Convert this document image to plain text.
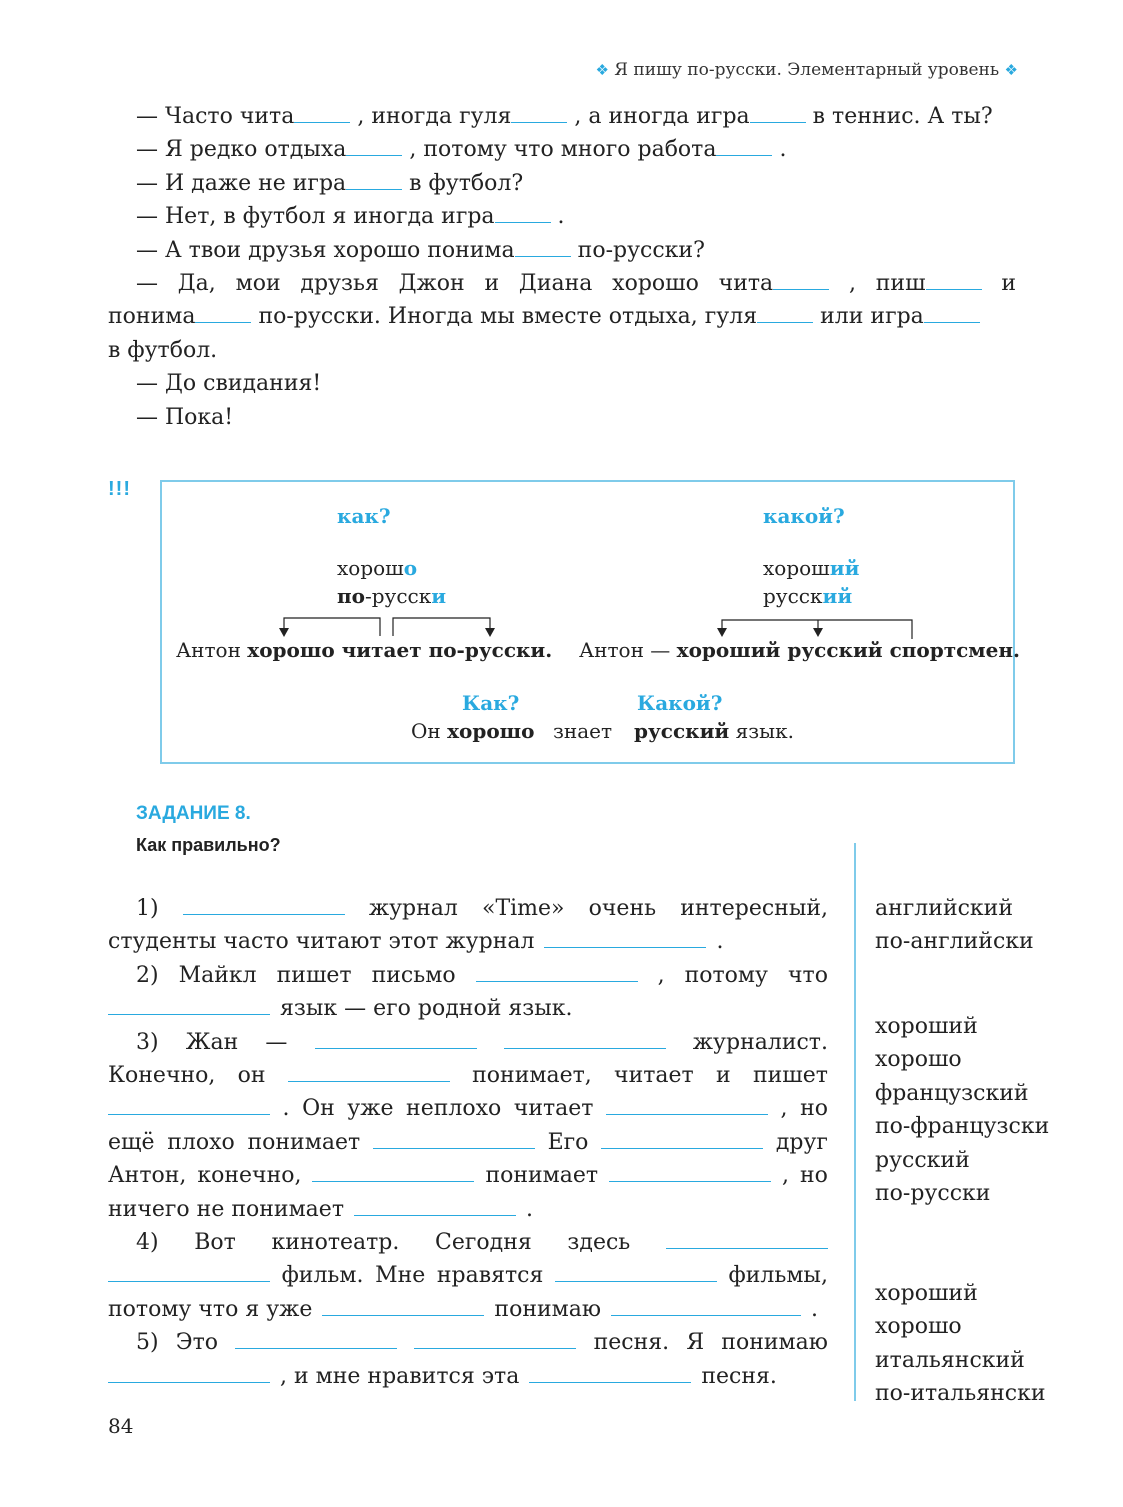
❖ Я пишу по-русски. Элементарный уровень ❖

— Часто чита	, иногда гуля	, а иногда игра	в теннис. А ты?

— Я редко отдыха	, потому что много работа	.

— И даже не игра	в футбол?

— Нет, в футбол я иногда игра	.

— А твои друзья хорошо понима	по-русски?

— Да, мои друзья Джон и Диана хорошо чита	, пиш	и

понима	по-русски. Иногда мы вместе отдыха, гуля	или игра

в футбол.

— До свидания!

— Пока!

!!!
как?
хорошо
по-русски
Антон хорошо читает по-русски.
какой?
хороший
русский
Антон — хороший русский спортсмен.
Как?	Какой?
Он хорошо знает русский язык.
ЗАДАНИЕ 8.
Как правильно?
1)	журнал «Time» очень интересный,
студенты часто читают этот журнал	.
2) Майкл пишет письмо	, потому что
язык — его родной язык.
3) Жан —	журналист.
Конечно, он	понимает, читает и пишет
. Он уже неплохо читает	, но
ещё плохо понимает	Его	друг
Антон, конечно,	понимает	, но
ничего не понимает	.
4) Вот кинотеатр. Сегодня здесь
фильм. Мне нравятся	фильмы,
потому что я уже	понимаю	.
5) Это	песня. Я понимаю
, и мне нравится эта	песня.
английский
по-английски
хороший
хорошо
французский
по-французски
русский
по-русски
хороший
хорошо
итальянский
по-итальянски
84
